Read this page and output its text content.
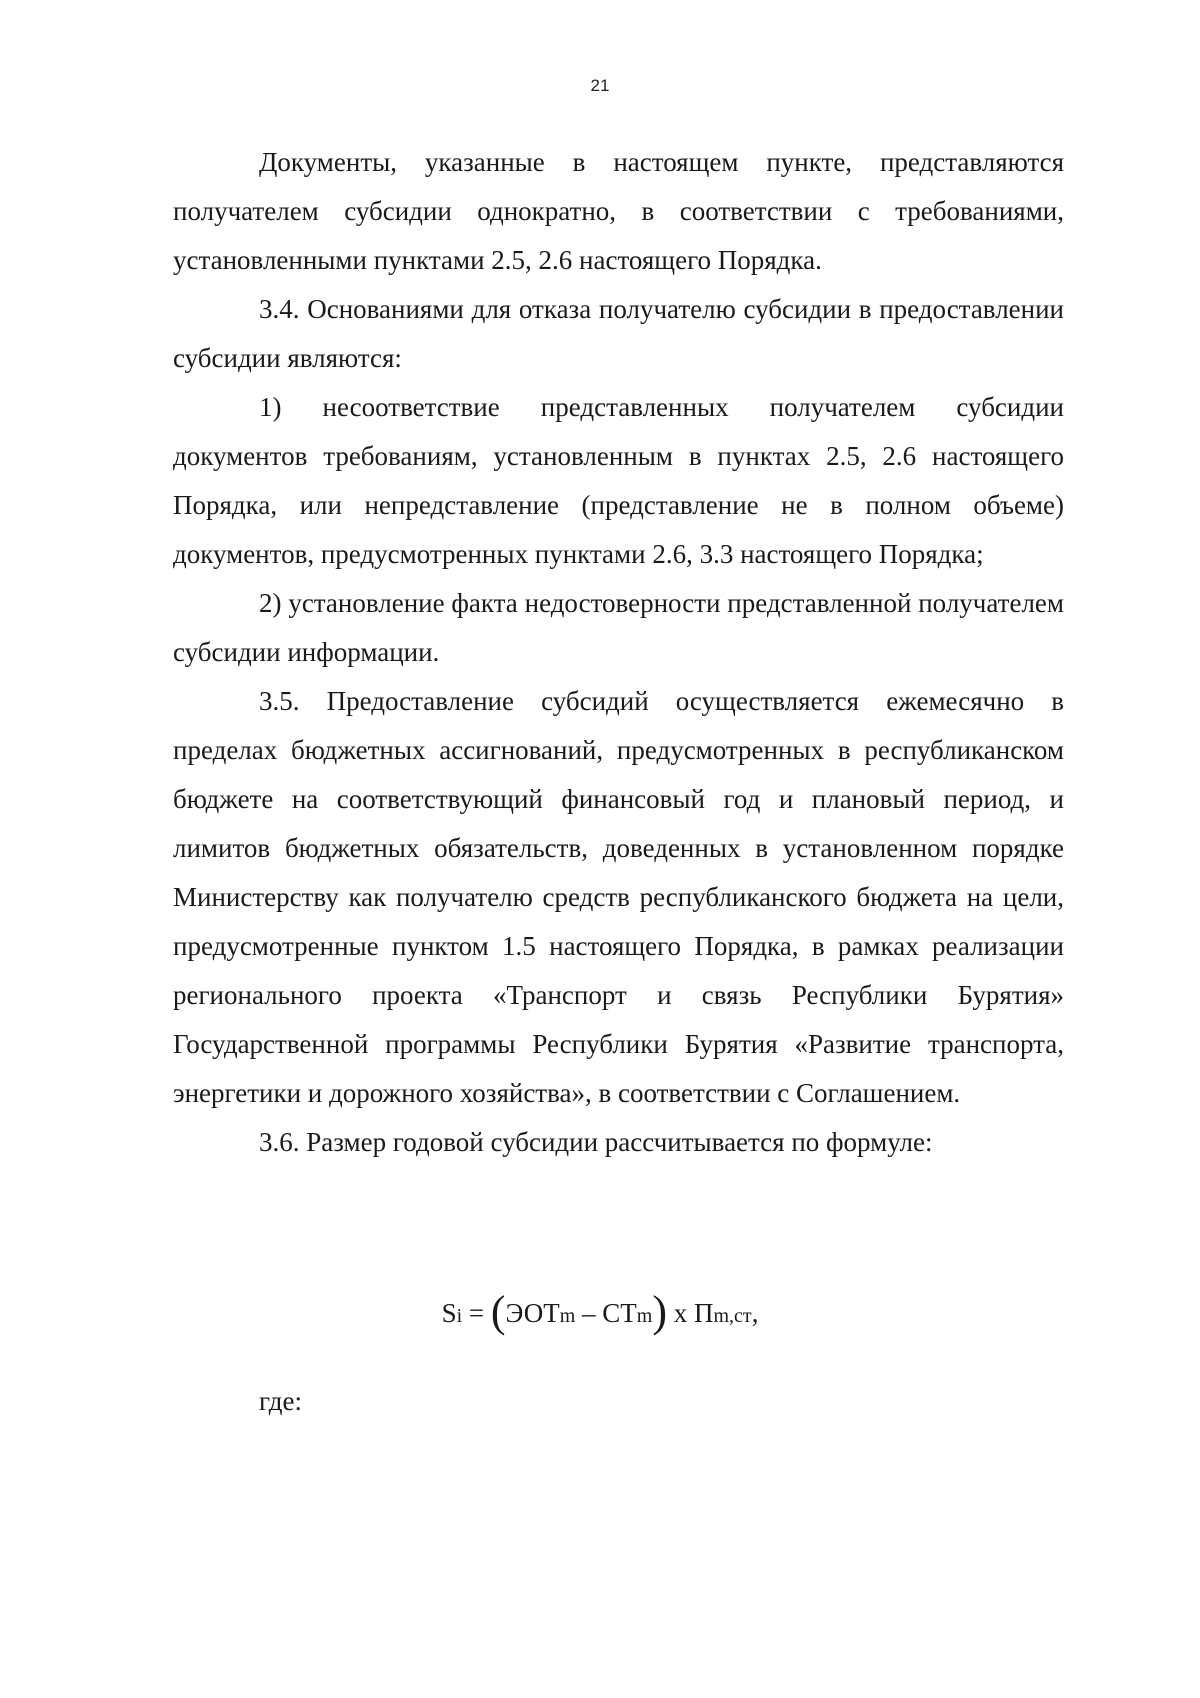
21

Документы, указанные в настоящем пункте, представляются получателем субсидии однократно, в соответствии с требованиями, установленными пунктами 2.5, 2.6 настоящего Порядка.

3.4. Основаниями для отказа получателю субсидии в предоставлении субсидии являются:

1) несоответствие представленных получателем субсидии документов требованиям, установленным в пунктах 2.5, 2.6 настоящего Порядка, или непредставление (представление не в полном объеме) документов, предусмотренных пунктами 2.6, 3.3 настоящего Порядка;

2) установление факта недостоверности представленной получателем субсидии информации.

3.5. Предоставление субсидий осуществляется ежемесячно в пределах бюджетных ассигнований, предусмотренных в республиканском бюджете на соответствующий финансовый год и плановый период, и лимитов бюджетных обязательств, доведенных в установленном порядке Министерству как получателю средств республиканского бюджета на цели, предусмотренные пунктом 1.5 настоящего Порядка, в рамках реализации регионального проекта «Транспорт и связь Республики Бурятия» Государственной программы Республики Бурятия «Развитие транспорта, энергетики и дорожного хозяйства», в соответствии с Соглашением.

3.6. Размер годовой субсидии рассчитывается по формуле:

Si = (ЭОТm – СТm) x Пm,ст,
где:
